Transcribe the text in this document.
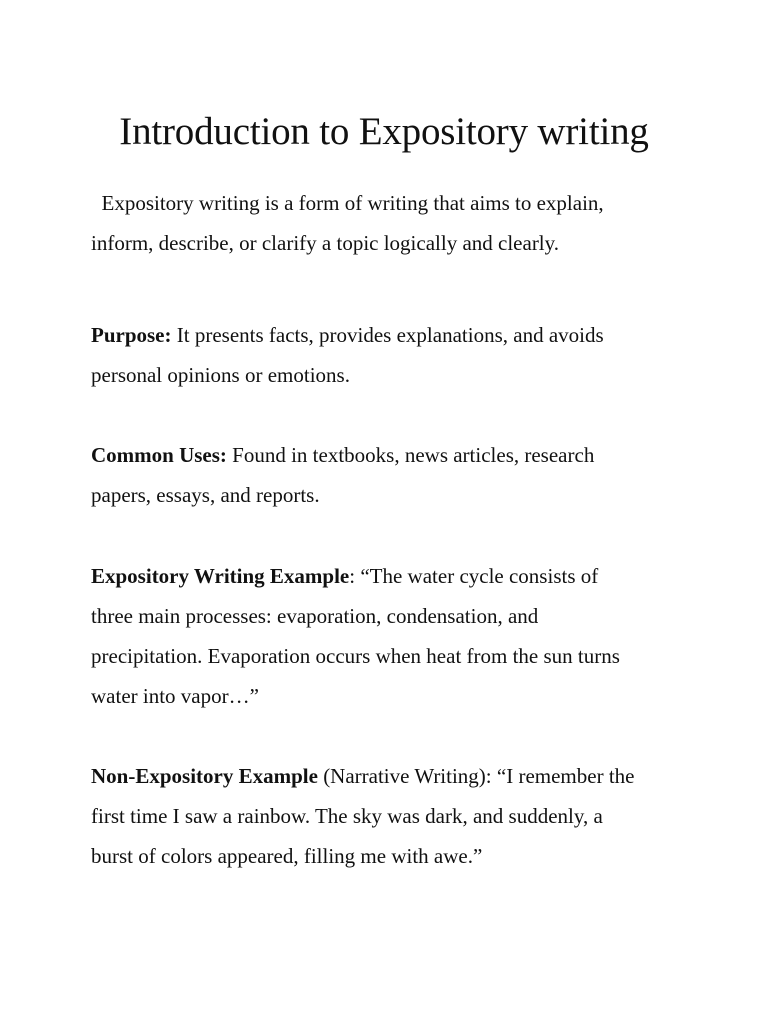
Introduction to Expository writing

Expository writing is a form of writing that aims to explain,
inform, describe, or clarify a topic logically and clearly.

Purpose: It presents facts, provides explanations, and avoids
personal opinions or emotions.

Common Uses: Found in textbooks, news articles, research
papers, essays, and reports.

Expository Writing Example: “The water cycle consists of
three main processes: evaporation, condensation, and
precipitation. Evaporation occurs when heat from the sun turns
water into vapor…”

Non-Expository Example (Narrative Writing): “I remember the
first time I saw a rainbow. The sky was dark, and suddenly, a
burst of colors appeared, filling me with awe.”
